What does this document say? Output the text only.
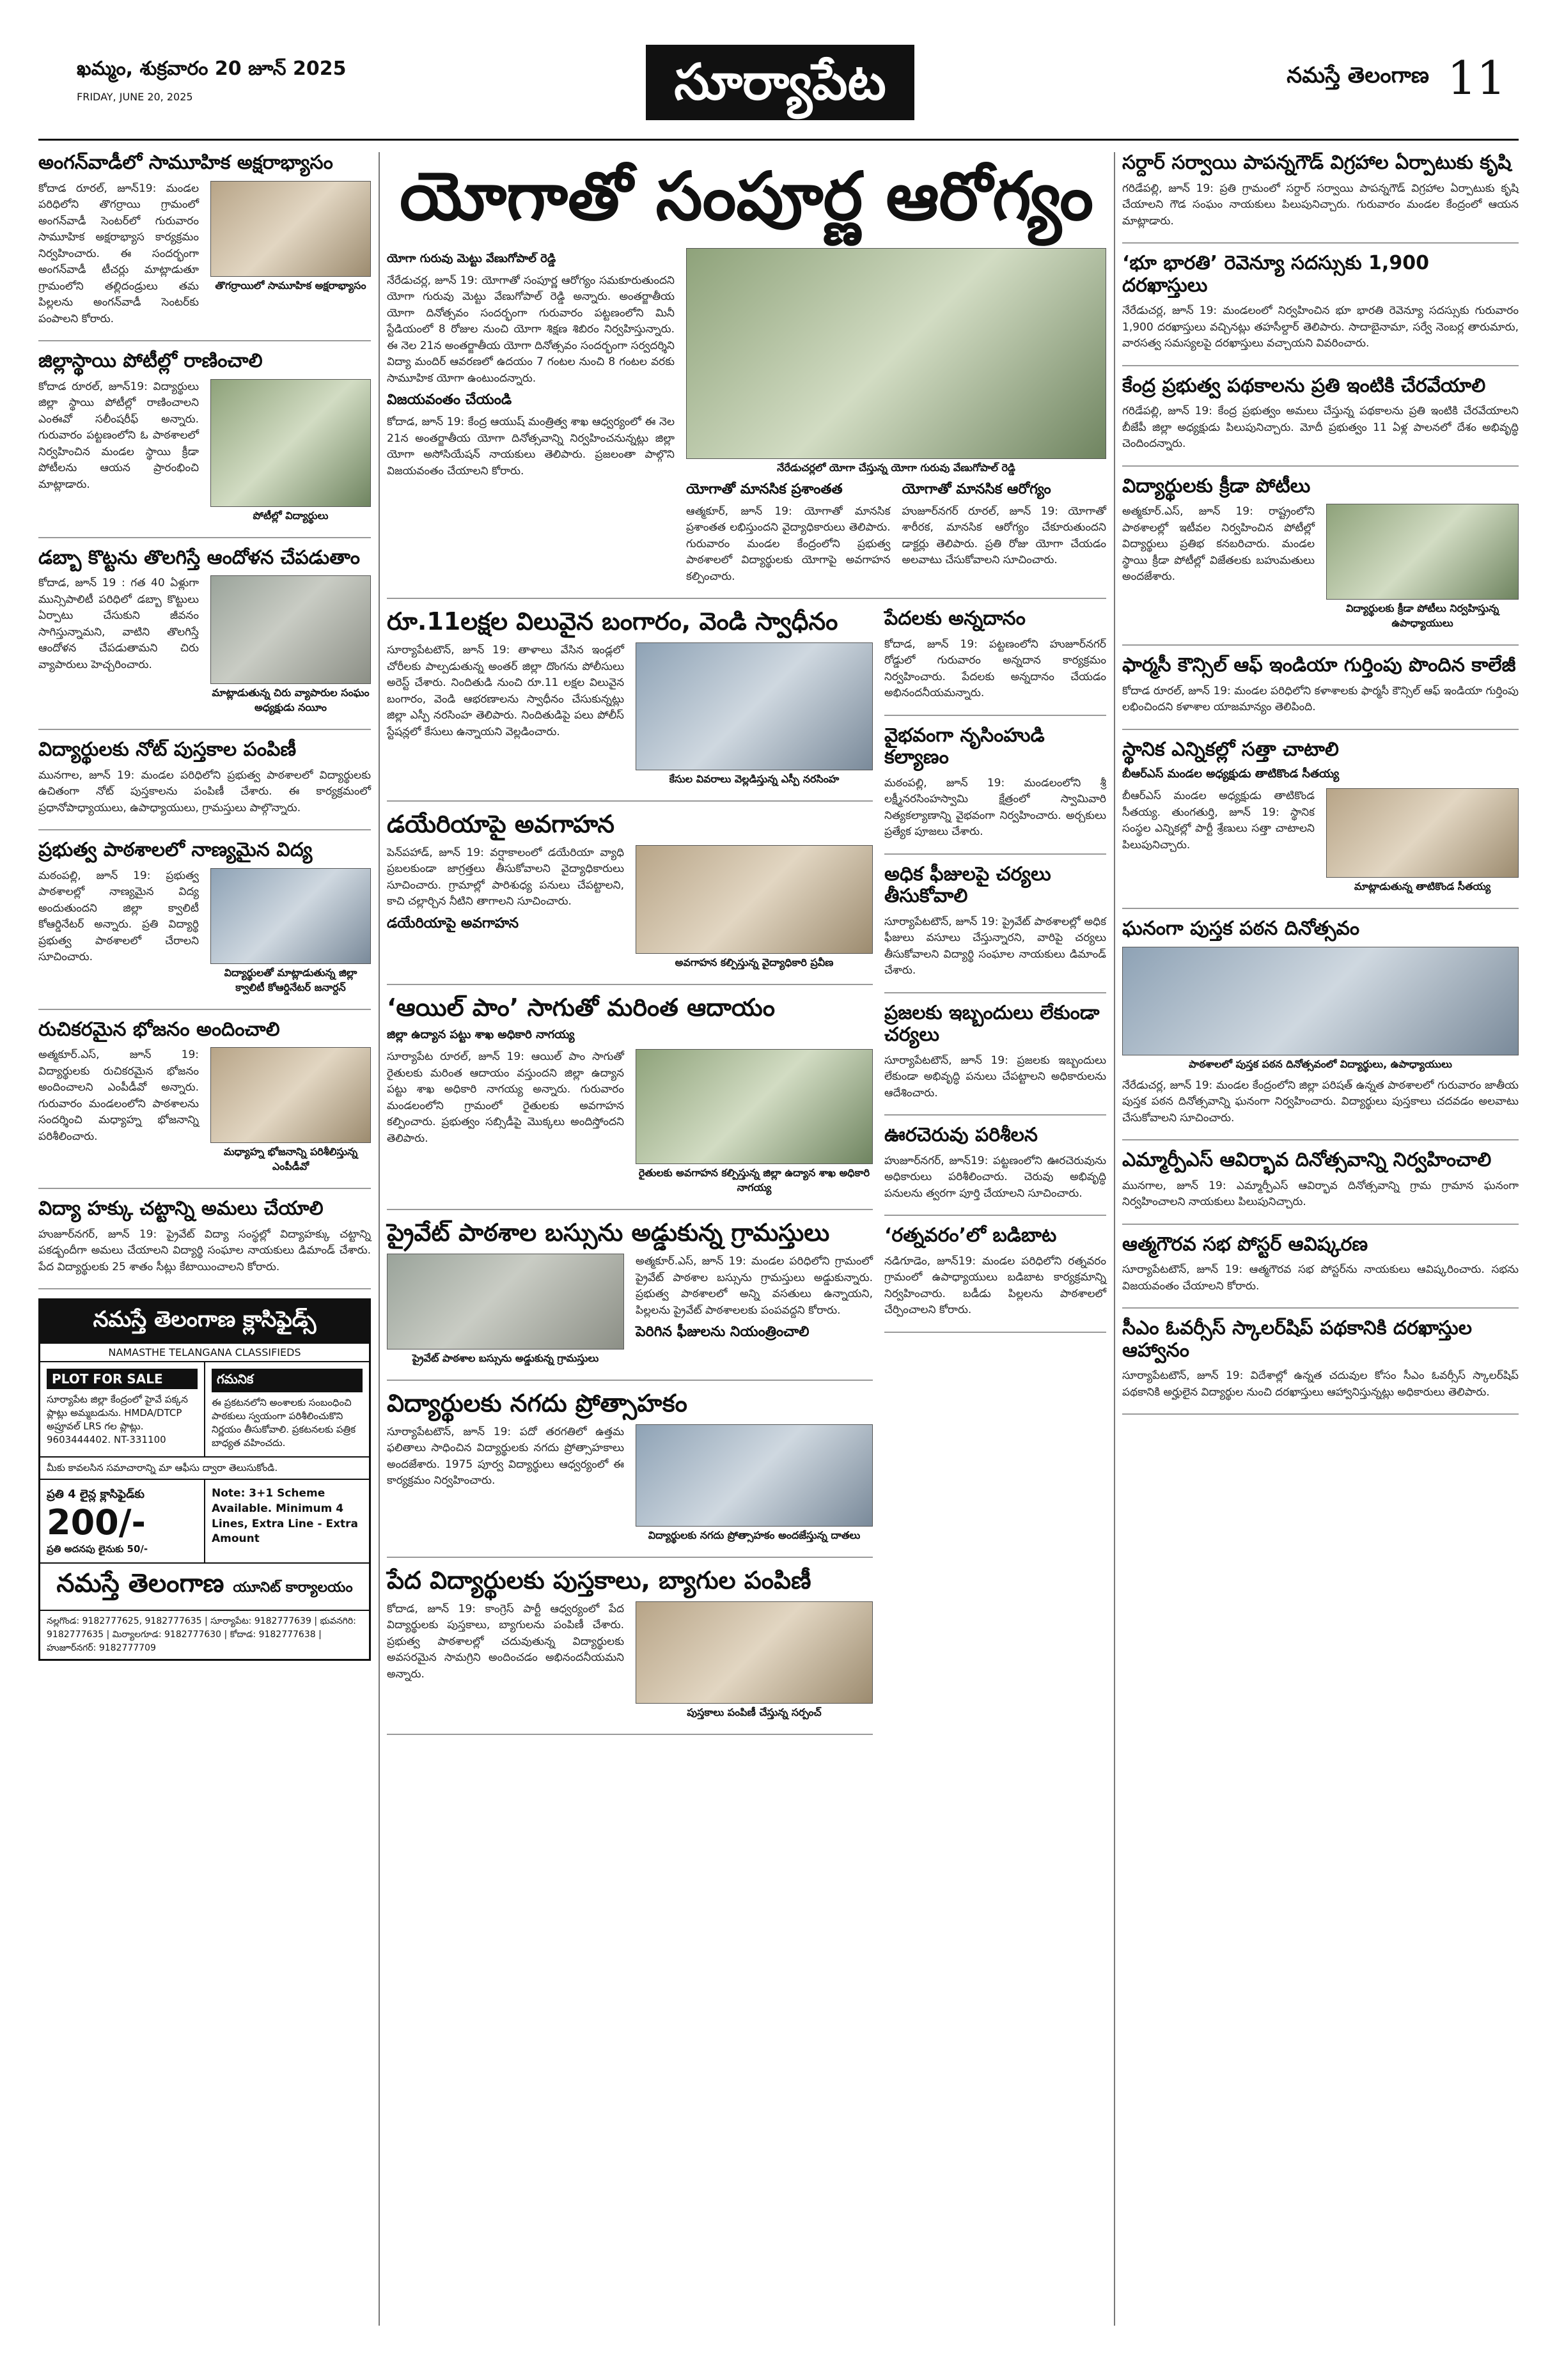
ఖమ్మం, శుక్రవారం 20 జూన్ 2025
FRIDAY, JUNE 20, 2025	సూర్యాపేట	నమస్తే తెలంగాణ 11
అంగన్‌వాడీలో సామూహిక అక్షరాభ్యాసం
కోదాడ రూరల్, జూన్19: మండల పరిధిలోని తొగర్రాయి గ్రామంలో అంగన్‌వాడీ సెంటర్‌లో గురువారం సామూహిక అక్షరాభ్యాస కార్యక్రమం నిర్వహించారు. ఈ సందర్భంగా అంగన్‌వాడీ టీచర్లు మాట్లాడుతూ గ్రామంలోని తల్లిదండ్రులు తమ పిల్లలను అంగన్‌వాడీ సెంటర్‌కు పంపాలని కోరారు.
తొగర్రాయిలో సామూహిక అక్షరాభ్యాసం
జిల్లాస్థాయి పోటీల్లో రాణించాలి
కోదాడ రూరల్, జూన్19: విద్యార్థులు జిల్లా స్థాయి పోటీల్లో రాణించాలని ఎంఈవో సలీంషరీఫ్ అన్నారు. గురువారం పట్టణంలోని ఓ పాఠశాలలో నిర్వహించిన మండల స్థాయి క్రీడా పోటీలను ఆయన ప్రారంభించి మాట్లాడారు.
పోటీల్లో విద్యార్థులు
డబ్బా కొట్టను తొలగిస్తే ఆందోళన చేపడుతాం
కోదాడ, జూన్ 19 : గత 40 ఏళ్లుగా మున్సిపాలిటీ పరిధిలో డబ్బా కొట్టులు ఏర్పాటు చేసుకుని జీవనం సాగిస్తున్నామని, వాటిని తొలగిస్తే ఆందోళన చేపడుతామని చిరు వ్యాపారులు హెచ్చరించారు.
మాట్లాడుతున్న చిరు వ్యాపారుల సంఘం అధ్యక్షుడు నయీం
విద్యార్థులకు నోట్ పుస్తకాల పంపిణీ
మునగాల, జూన్ 19: మండల పరిధిలోని ప్రభుత్వ పాఠశాలలో విద్యార్థులకు ఉచితంగా నోట్ పుస్తకాలను పంపిణీ చేశారు. ఈ కార్యక్రమంలో ప్రధానోపాధ్యాయులు, ఉపాధ్యాయులు, గ్రామస్తులు పాల్గొన్నారు.
ప్రభుత్వ పాఠశాలలో నాణ్యమైన విద్య
మఠంపల్లి, జూన్ 19: ప్రభుత్వ పాఠశాలల్లో నాణ్యమైన విద్య అందుతుందని జిల్లా క్వాలిటీ కోఆర్డినేటర్ అన్నారు. ప్రతి విద్యార్థి ప్రభుత్వ పాఠశాలలో చేరాలని సూచించారు.
విద్యార్థులతో మాట్లాడుతున్న జిల్లా క్వాలిటీ కోఆర్డినేటర్ జనార్దన్
రుచికరమైన భోజనం అందించాలి
అత్మకూర్.ఎస్, జూన్ 19: విద్యార్థులకు రుచికరమైన భోజనం అందించాలని ఎంపీడీవో అన్నారు. గురువారం మండలంలోని పాఠశాలను సందర్శించి మధ్యాహ్న భోజనాన్ని పరిశీలించారు.
మధ్యాహ్న భోజనాన్ని పరిశీలిస్తున్న ఎంపీడీవో
విద్యా హక్కు చట్టాన్ని అమలు చేయాలి
హుజూర్‌నగర్, జూన్ 19: ప్రైవేట్ విద్యా సంస్థల్లో విద్యాహక్కు చట్టాన్ని పకడ్బందీగా అమలు చేయాలని విద్యార్థి సంఘాల నాయకులు డిమాండ్ చేశారు. పేద విద్యార్థులకు 25 శాతం సీట్లు కేటాయించాలని కోరారు.
నమస్తే తెలంగాణ క్లాసిఫైడ్స్
NAMASTHE TELANGANA CLASSIFIEDS
PLOT FOR SALE
సూర్యాపేట జిల్లా కేంద్రంలో హైవే పక్కన ప్లాట్లు అమ్మబడును. HMDA/DTCP అప్రూవల్ LRS గల ప్లాట్లు. 9603444402. NT-331100
గమనిక
ఈ ప్రకటనలోని అంశాలకు సంబంధించి పాఠకులు స్వయంగా పరిశీలించుకొని నిర్ణయం తీసుకోవాలి. ప్రకటనలకు పత్రిక బాధ్యత వహించదు.
మీకు కావలసిన సమాచారాన్ని మా ఆఫీసు ద్వారా తెలుసుకోండి.
ప్రతి 4 లైన్ల క్లాసిఫైడ్‌కు
200/-
ప్రతి అదనపు లైనుకు 50/-
Note: 3+1 Scheme Available. Minimum 4 Lines, Extra Line - Extra Amount
నమస్తే తెలంగాణ యూనిట్ కార్యాలయం
నల్లగొండ: 9182777625, 9182777635 | సూర్యాపేట: 9182777639 | భువనగిరి: 9182777635 | మిర్యాలగూడ: 9182777630 | కోదాడ: 9182777638 | హుజూర్‌నగర్: 9182777709
యోగాతో సంపూర్ణ ఆరోగ్యం
యోగా గురువు మెట్టు వేణుగోపాల్ రెడ్డి
నేరేడుచర్ల, జూన్ 19: యోగాతో సంపూర్ణ ఆరోగ్యం సమకూరుతుందని యోగా గురువు మెట్టు వేణుగోపాల్ రెడ్డి అన్నారు. అంతర్జాతీయ యోగా దినోత్సవం సందర్భంగా గురువారం పట్టణంలోని మినీ స్టేడియంలో 8 రోజుల నుంచి యోగా శిక్షణ శిబిరం నిర్వహిస్తున్నారు. ఈ నెల 21న అంతర్జాతీయ యోగా దినోత్సవం సందర్భంగా సర్వదర్శిని విద్యా మందిర్ ఆవరణలో ఉదయం 7 గంటల నుంచి 8 గంటల వరకు సామూహిక యోగా ఉంటుందన్నారు.
విజయవంతం చేయండి
కోదాడ, జూన్ 19: కేంద్ర ఆయుష్ మంత్రిత్వ శాఖ ఆధ్వర్యంలో ఈ నెల 21న అంతర్జాతీయ యోగా దినోత్సవాన్ని నిర్వహించనున్నట్లు జిల్లా యోగా అసోసియేషన్ నాయకులు తెలిపారు. ప్రజలంతా పాల్గొని విజయవంతం చేయాలని కోరారు.	నేరేడుచర్లలో యోగా చేస్తున్న యోగా గురువు వేణుగోపాల్ రెడ్డి
యోగాతో మానసిక ప్రశాంతత
ఆత్మకూర్, జూన్ 19: యోగాతో మానసిక ప్రశాంతత లభిస్తుందని వైద్యాధికారులు తెలిపారు. గురువారం మండల కేంద్రంలోని ప్రభుత్వ పాఠశాలలో విద్యార్థులకు యోగాపై అవగాహన కల్పించారు.
యోగాతో మానసిక ఆరోగ్యం
హుజూర్‌నగర్ రూరల్, జూన్ 19: యోగాతో శారీరక, మానసిక ఆరోగ్యం చేకూరుతుందని డాక్టర్లు తెలిపారు. ప్రతి రోజు యోగా చేయడం అలవాటు చేసుకోవాలని సూచించారు.
రూ.11లక్షల విలువైన బంగారం, వెండి స్వాధీనం
సూర్యాపేటటౌన్, జూన్ 19: తాళాలు వేసిన ఇండ్లలో చోరీలకు పాల్పడుతున్న అంతర్ జిల్లా దొంగను పోలీసులు అరెస్ట్ చేశారు. నిందితుడి నుంచి రూ.11 లక్షల విలువైన బంగారం, వెండి ఆభరణాలను స్వాధీనం చేసుకున్నట్లు జిల్లా ఎస్పీ నరసింహ తెలిపారు. నిందితుడిపై పలు పోలీస్ స్టేషన్లలో కేసులు ఉన్నాయని వెల్లడించారు.
కేసుల వివరాలు వెల్లడిస్తున్న ఎస్పీ నరసింహ
డయేరియాపై అవగాహన
పెన్‌పహాడ్, జూన్ 19: వర్షాకాలంలో డయేరియా వ్యాధి ప్రబలకుండా జాగ్రత్తలు తీసుకోవాలని వైద్యాధికారులు సూచించారు. గ్రామాల్లో పారిశుధ్య పనులు చేపట్టాలని, కాచి చల్లార్చిన నీటిని తాగాలని సూచించారు.
డయేరియాపై అవగాహన
అవగాహన కల్పిస్తున్న వైద్యాధికారి ప్రవీణ
‘ఆయిల్ పాం’ సాగుతో మరింత ఆదాయం
జిల్లా ఉద్యాన పట్టు శాఖ అధికారి నాగయ్య
సూర్యాపేట రూరల్, జూన్ 19: ఆయిల్ పాం సాగుతో రైతులకు మరింత ఆదాయం వస్తుందని జిల్లా ఉద్యాన పట్టు శాఖ అధికారి నాగయ్య అన్నారు. గురువారం మండలంలోని గ్రామంలో రైతులకు అవగాహన కల్పించారు. ప్రభుత్వం సబ్సిడీపై మొక్కలు అందిస్తోందని తెలిపారు.
రైతులకు అవగాహన కల్పిస్తున్న జిల్లా ఉద్యాన శాఖ అధికారి నాగయ్య
ప్రైవేట్ పాఠశాల బస్సును అడ్డుకున్న గ్రామస్తులు
ప్రైవేట్ పాఠశాల బస్సును అడ్డుకున్న గ్రామస్తులు
అత్మకూర్.ఎస్, జూన్ 19: మండల పరిధిలోని గ్రామంలో ప్రైవేట్ పాఠశాల బస్సును గ్రామస్తులు అడ్డుకున్నారు. ప్రభుత్వ పాఠశాలలో అన్ని వసతులు ఉన్నాయని, పిల్లలను ప్రైవేట్ పాఠశాలలకు పంపవద్దని కోరారు.
పెరిగిన ఫీజులను నియంత్రించాలి
విద్యార్థులకు నగదు ప్రోత్సాహకం
సూర్యాపేటటౌన్, జూన్ 19: పదో తరగతిలో ఉత్తమ ఫలితాలు సాధించిన విద్యార్థులకు నగదు ప్రోత్సాహకాలు అందజేశారు. 1975 పూర్వ విద్యార్థులు ఆధ్వర్యంలో ఈ కార్యక్రమం నిర్వహించారు.
విద్యార్థులకు నగదు ప్రోత్సాహకం అందజేస్తున్న దాతలు
పేద విద్యార్థులకు పుస్తకాలు, బ్యాగుల పంపిణీ
కోదాడ, జూన్ 19: కాంగ్రెస్ పార్టీ ఆధ్వర్యంలో పేద విద్యార్థులకు పుస్తకాలు, బ్యాగులను పంపిణీ చేశారు. ప్రభుత్వ పాఠశాలల్లో చదువుతున్న విద్యార్థులకు అవసరమైన సామగ్రిని అందించడం అభినందనీయమని అన్నారు.
పుస్తకాలు పంపిణీ చేస్తున్న సర్పంచ్
పేదలకు అన్నదానం
కోదాడ, జూన్ 19: పట్టణంలోని హుజూర్‌నగర్ రోడ్డులో గురువారం అన్నదాన కార్యక్రమం నిర్వహించారు. పేదలకు అన్నదానం చేయడం అభినందనీయమన్నారు.
వైభవంగా నృసింహుడి కల్యాణం
మఠంపల్లి, జూన్ 19: మండలంలోని శ్రీ లక్ష్మీనరసింహస్వామి క్షేత్రంలో స్వామివారి నిత్యకల్యాణాన్ని వైభవంగా నిర్వహించారు. అర్చకులు ప్రత్యేక పూజలు చేశారు.
అధిక ఫీజులపై చర్యలు తీసుకోవాలి
సూర్యాపేటటౌన్, జూన్ 19: ప్రైవేట్ పాఠశాలల్లో అధిక ఫీజులు వసూలు చేస్తున్నారని, వారిపై చర్యలు తీసుకోవాలని విద్యార్థి సంఘాల నాయకులు డిమాండ్ చేశారు.
ప్రజలకు ఇబ్బందులు లేకుండా చర్యలు
సూర్యాపేటటౌన్, జూన్ 19: ప్రజలకు ఇబ్బందులు లేకుండా అభివృద్ధి పనులు చేపట్టాలని అధికారులను ఆదేశించారు.
ఊరచెరువు పరిశీలన
హుజూర్‌నగర్, జూన్19: పట్టణంలోని ఊరచెరువును అధికారులు పరిశీలించారు. చెరువు అభివృద్ధి పనులను త్వరగా పూర్తి చేయాలని సూచించారు.
‘రత్నవరం’లో బడిబాట
నడిగూడెం, జూన్19: మండల పరిధిలోని రత్నవరం గ్రామంలో ఉపాధ్యాయులు బడిబాట కార్యక్రమాన్ని నిర్వహించారు. బడీడు పిల్లలను పాఠశాలలో చేర్పించాలని కోరారు.
సర్దార్ సర్వాయి పాపన్నగౌడ్ విగ్రహాల ఏర్పాటుకు కృషి
గరిడేపల్లి, జూన్ 19: ప్రతి గ్రామంలో సర్దార్ సర్వాయి పాపన్నగౌడ్ విగ్రహాల ఏర్పాటుకు కృషి చేయాలని గౌడ సంఘం నాయకులు పిలుపునిచ్చారు. గురువారం మండల కేంద్రంలో ఆయన మాట్లాడారు.
‘భూ భారతి’ రెవెన్యూ సదస్సుకు 1,900 దరఖాస్తులు
నేరేడుచర్ల, జూన్ 19: మండలంలో నిర్వహించిన భూ భారతి రెవెన్యూ సదస్సుకు గురువారం 1,900 దరఖాస్తులు వచ్చినట్లు తహసీల్దార్ తెలిపారు. సాదాబైనామా, సర్వే నెంబర్ల తారుమారు, వారసత్వ సమస్యలపై దరఖాస్తులు వచ్చాయని వివరించారు.
కేంద్ర ప్రభుత్వ పథకాలను ప్రతి ఇంటికి చేరవేయాలి
గరిడేపల్లి, జూన్ 19: కేంద్ర ప్రభుత్వం అమలు చేస్తున్న పథకాలను ప్రతి ఇంటికి చేరవేయాలని బీజేపీ జిల్లా అధ్యక్షుడు పిలుపునిచ్చారు. మోదీ ప్రభుత్వం 11 ఏళ్ల పాలనలో దేశం అభివృద్ధి చెందిందన్నారు.
విద్యార్థులకు క్రీడా పోటీలు
అత్మకూర్.ఎస్, జూన్ 19: రాష్ట్రంలోని పాఠశాలల్లో ఇటీవల నిర్వహించిన పోటీల్లో విద్యార్థులు ప్రతిభ కనబరిచారు. మండల స్థాయి క్రీడా పోటీల్లో విజేతలకు బహుమతులు అందజేశారు.
విద్యార్థులకు క్రీడా పోటీలు నిర్వహిస్తున్న ఉపాధ్యాయులు
ఫార్మసీ కౌన్సిల్ ఆఫ్ ఇండియా గుర్తింపు పొందిన కాలేజీ
కోదాడ రూరల్, జూన్ 19: మండల పరిధిలోని కళాశాలకు ఫార్మసీ కౌన్సిల్ ఆఫ్ ఇండియా గుర్తింపు లభించిందని కళాశాల యాజమాన్యం తెలిపింది.
స్థానిక ఎన్నికల్లో సత్తా చాటాలి
బీఆర్ఎస్ మండల అధ్యక్షుడు తాటికొండ సీతయ్య
బీఆర్ఎస్ మండల అధ్యక్షుడు తాటికొండ సీతయ్య. తుంగతుర్తి, జూన్ 19: స్థానిక సంస్థల ఎన్నికల్లో పార్టీ శ్రేణులు సత్తా చాటాలని పిలుపునిచ్చారు.
మాట్లాడుతున్న తాటికొండ సీతయ్య
ఘనంగా పుస్తక పఠన దినోత్సవం
పాఠశాలలో పుస్తక పఠన దినోత్సవంలో విద్యార్థులు, ఉపాధ్యాయులు
నేరేడుచర్ల, జూన్ 19: మండల కేంద్రంలోని జిల్లా పరిషత్ ఉన్నత పాఠశాలలో గురువారం జాతీయ పుస్తక పఠన దినోత్సవాన్ని ఘనంగా నిర్వహించారు. విద్యార్థులు పుస్తకాలు చదవడం అలవాటు చేసుకోవాలని సూచించారు.
ఎమ్మార్పీఎస్ ఆవిర్భావ దినోత్సవాన్ని నిర్వహించాలి
మునగాల, జూన్ 19: ఎమ్మార్పీఎస్ ఆవిర్భావ దినోత్సవాన్ని గ్రామ గ్రామాన ఘనంగా నిర్వహించాలని నాయకులు పిలుపునిచ్చారు.
ఆత్మగౌరవ సభ పోస్టర్ ఆవిష్కరణ
సూర్యాపేటటౌన్, జూన్ 19: ఆత్మగౌరవ సభ పోస్టర్‌ను నాయకులు ఆవిష్కరించారు. సభను విజయవంతం చేయాలని కోరారు.
సీఎం ఓవర్సీస్ స్కాలర్‌షిప్ పథకానికి దరఖాస్తుల ఆహ్వానం
సూర్యాపేటటౌన్, జూన్ 19: విదేశాల్లో ఉన్నత చదువుల కోసం సీఎం ఓవర్సీస్ స్కాలర్‌షిప్ పథకానికి అర్హులైన విద్యార్థుల నుంచి దరఖాస్తులు ఆహ్వానిస్తున్నట్లు అధికారులు తెలిపారు.
